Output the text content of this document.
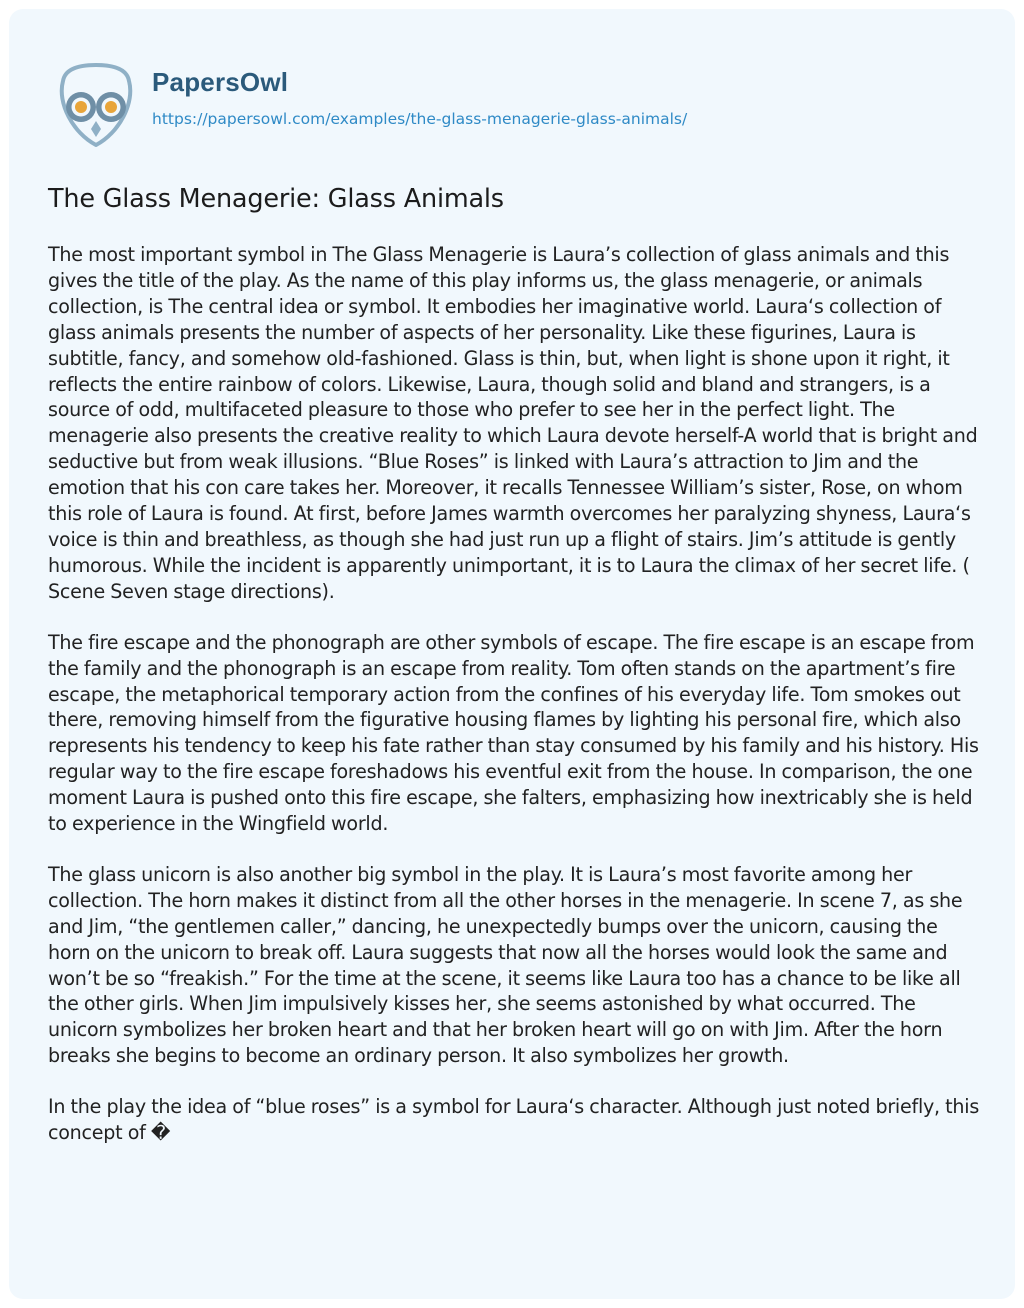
PapersOwl
https://papersowl.com/examples/the-glass-menagerie-glass-animals/
The Glass Menagerie: Glass Animals

The most important symbol in The Glass Menagerie is Laura’s collection of glass animals and this gives the title of the play. As the name of this play informs us, the glass menagerie, or animals collection, is The central idea or symbol. It embodies her imaginative world. Laura‘s collection of glass animals presents the number of aspects of her personality. Like these figurines, Laura is subtitle, fancy, and somehow old-fashioned. Glass is thin, but, when light is shone upon it right, it reflects the entire rainbow of colors. Likewise, Laura, though solid and bland and strangers, is a source of odd, multifaceted pleasure to those who prefer to see her in the perfect light. The menagerie also presents the creative reality to which Laura devote herself-A world that is bright and seductive but from weak illusions. “Blue Roses” is linked with Laura’s attraction to Jim and the emotion that his con care takes her. Moreover, it recalls Tennessee William’s sister, Rose, on whom this role of Laura is found. At first, before James warmth overcomes her paralyzing shyness, Laura‘s voice is thin and breathless, as though she had just run up a flight of stairs. Jim’s attitude is gently humorous. While the incident is apparently unimportant, it is to Laura the climax of her secret life. ( Scene Seven stage directions).

The fire escape and the phonograph are other symbols of escape. The fire escape is an escape from the family and the phonograph is an escape from reality. Tom often stands on the apartment’s fire escape, the metaphorical temporary action from the confines of his everyday life. Tom smokes out there, removing himself from the figurative housing flames by lighting his personal fire, which also represents his tendency to keep his fate rather than stay consumed by his family and his history. His regular way to the fire escape foreshadows his eventful exit from the house. In comparison, the one moment Laura is pushed onto this fire escape, she falters, emphasizing how inextricably she is held to experience in the Wingfield world.

The glass unicorn is also another big symbol in the play. It is Laura’s most favorite among her collection. The horn makes it distinct from all the other horses in the menagerie. In scene 7, as she and Jim, “the gentlemen caller,” dancing, he unexpectedly bumps over the unicorn, causing the horn on the unicorn to break off. Laura suggests that now all the horses would look the same and won’t be so “freakish.” For the time at the scene, it seems like Laura too has a chance to be like all the other girls. When Jim impulsively kisses her, she seems astonished by what occurred. The unicorn symbolizes her broken heart and that her broken heart will go on with Jim. After the horn breaks she begins to become an ordinary person. It also symbolizes her growth.

In the play the idea of “blue roses” is a symbol for Laura‘s character. Although just noted briefly, this concept of �
